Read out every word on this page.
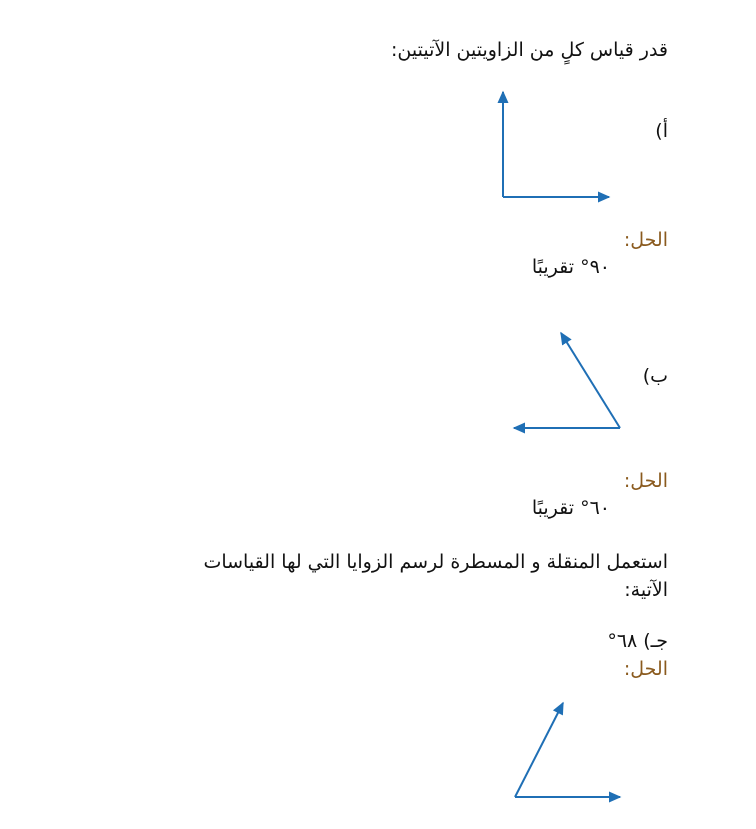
قدر قياس كلٍ من الزاويتين الآتيتين:
أ)
الحل:
٩٠° تقريبًا
ب)
الحل:
٦٠° تقريبًا
استعمل المنقلة و المسطرة لرسم الزوايا التي لها القياسات
الآتية:
جـ) ٦٨°
الحل:
